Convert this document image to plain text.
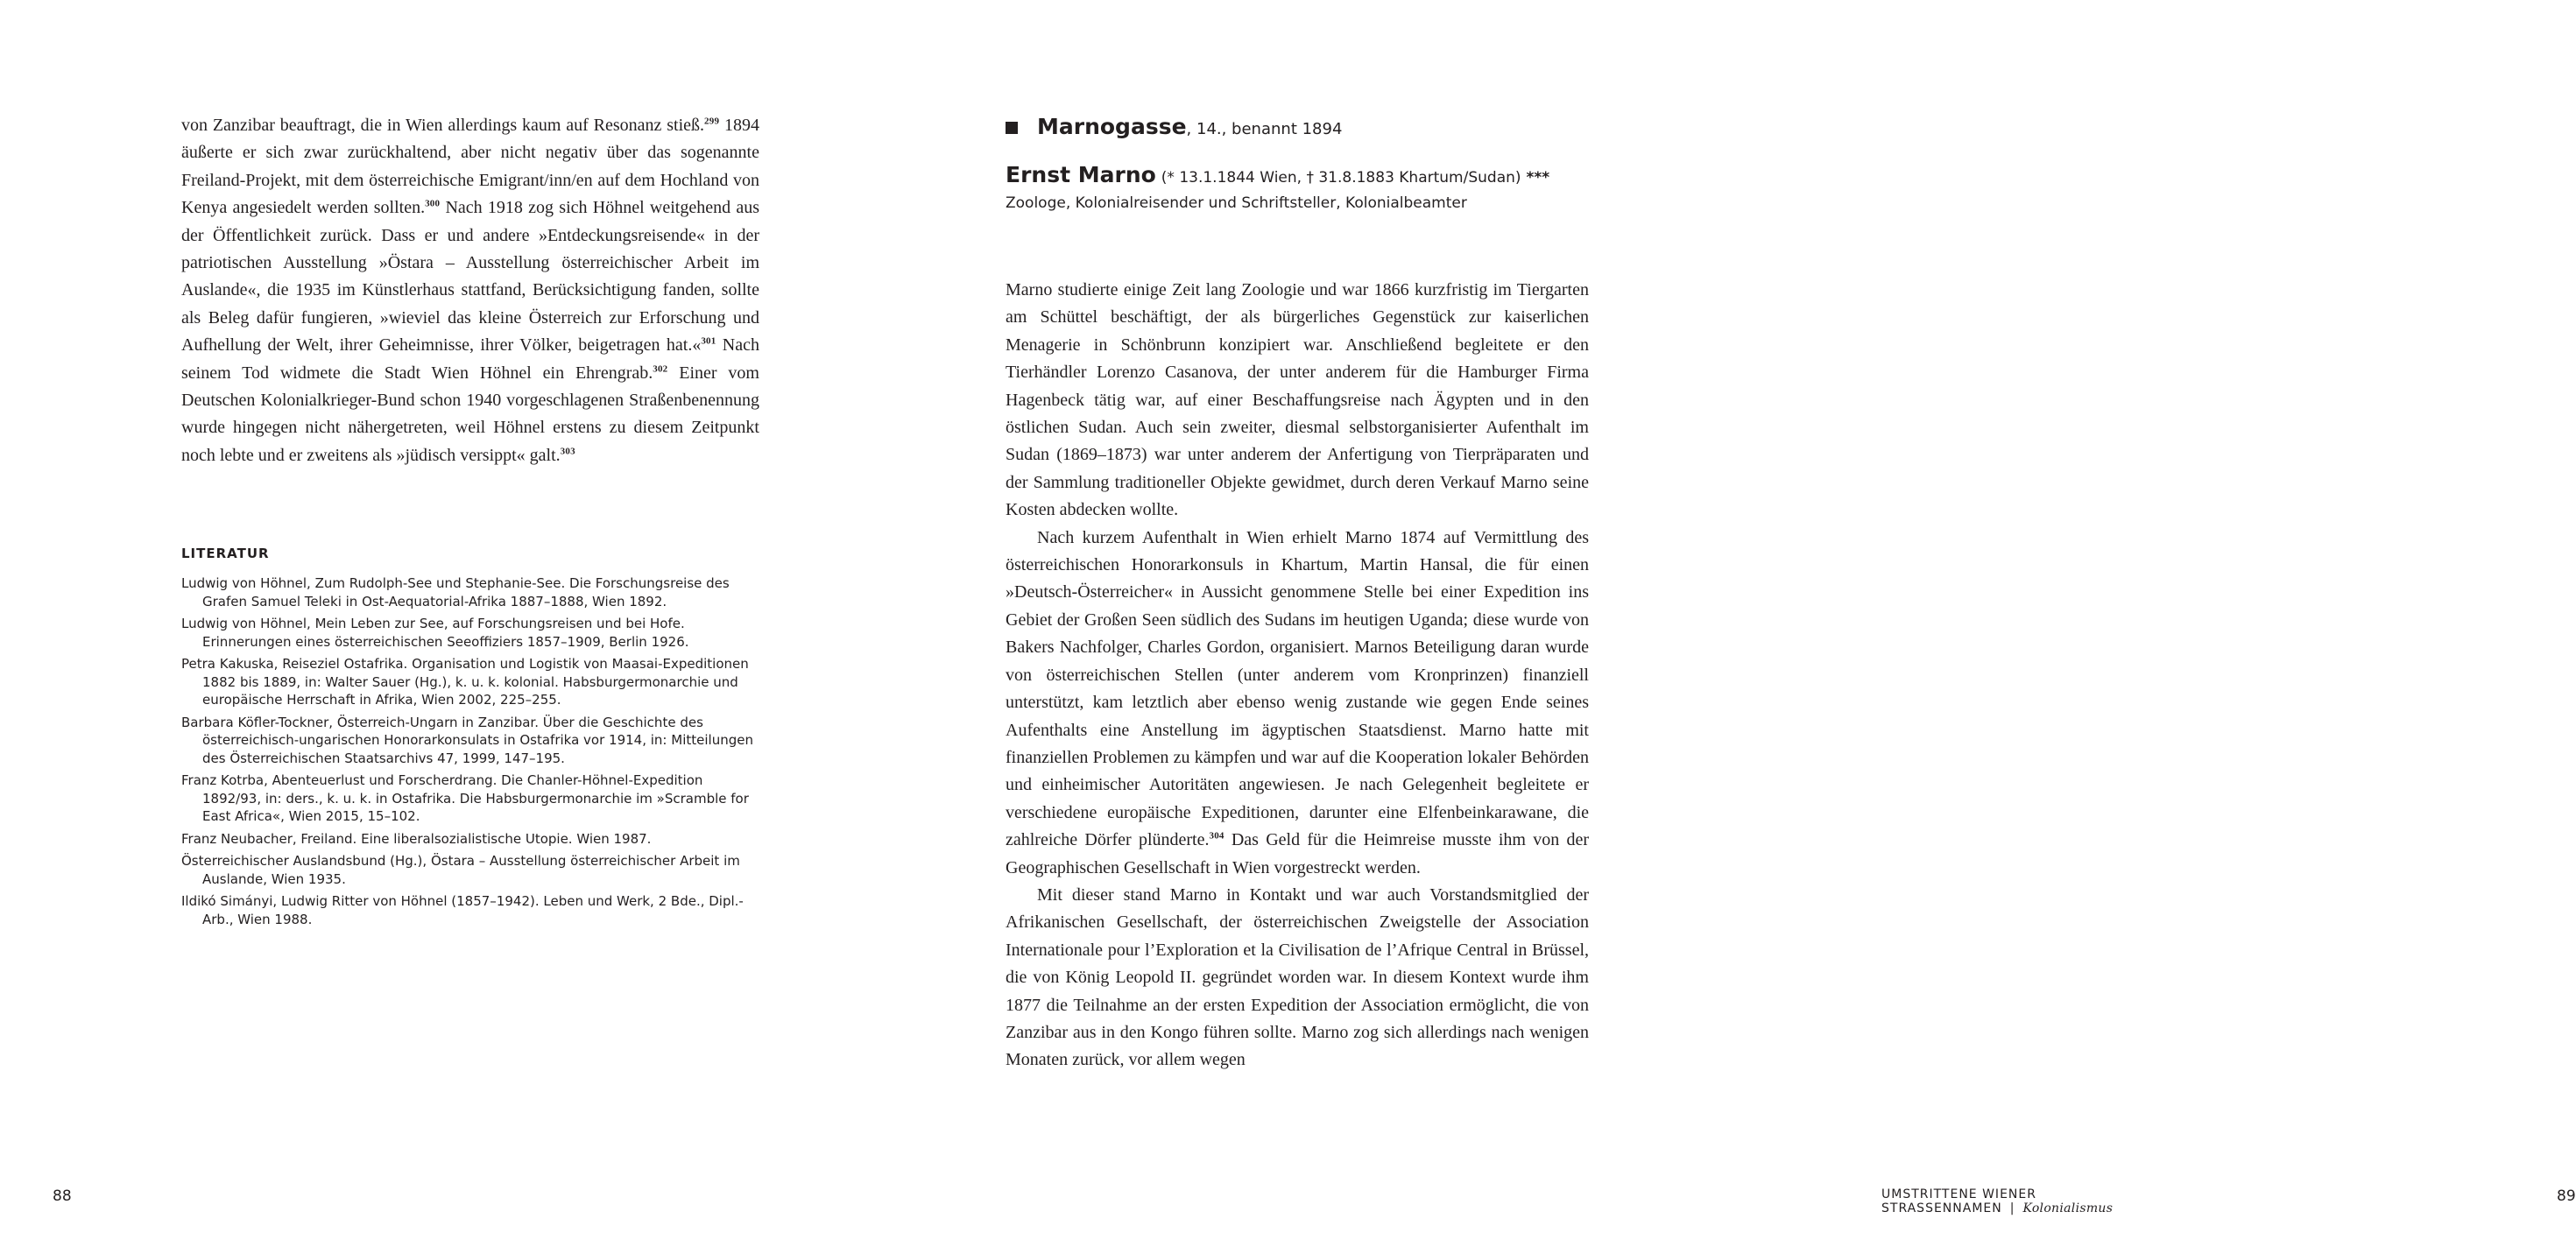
von Zanzibar beauftragt, die in Wien allerdings kaum auf Resonanz stieß.$^{299}$ 1894 äußerte er sich zwar zurückhaltend, aber nicht negativ über das sogenannte Freiland-Projekt, mit dem österreichische Emigrant/inn/en auf dem Hochland von Kenya angesiedelt werden sollten.$^{300}$ Nach 1918 zog sich Höhnel weitgehend aus der Öffentlichkeit zurück. Dass er und andere »Entdeckungsreisende« in der patriotischen Ausstellung »Östara – Ausstellung österreichischer Arbeit im Auslande«, die 1935 im Künstlerhaus stattfand, Berücksichtigung fanden, sollte als Beleg dafür fungieren, »wieviel das kleine Österreich zur Erforschung und Aufhellung der Welt, ihrer Geheimnisse, ihrer Völker, beigetragen hat.«$^{301}$ Nach seinem Tod widmete die Stadt Wien Höhnel ein Ehrengrab.$^{302}$ Einer vom Deutschen Kolonialkrieger-Bund schon 1940 vorgeschlagenen Straßenbenennung wurde hingegen nicht nähergetreten, weil Höhnel erstens zu diesem Zeitpunkt noch lebte und er zweitens als »jüdisch versippt« galt.$^{303}$

LITERATUR
Ludwig von Höhnel, Zum Rudolph-See und Stephanie-See. Die Forschungsreise des Grafen Samuel Teleki in Ost-Aequatorial-Afrika 1887–1888, Wien 1892.
Ludwig von Höhnel, Mein Leben zur See, auf Forschungsreisen und bei Hofe. Erinnerungen eines österreichischen Seeoffiziers 1857–1909, Berlin 1926.
Petra Kakuska, Reiseziel Ostafrika. Organisation und Logistik von Maasai-Expeditionen 1882 bis 1889, in: Walter Sauer (Hg.), k. u. k. kolonial. Habsburgermonarchie und europäische Herrschaft in Afrika, Wien 2002, 225–255.
Barbara Köfler-Tockner, Österreich-Ungarn in Zanzibar. Über die Geschichte des österreichisch-ungarischen Honorarkonsulats in Ostafrika vor 1914, in: Mitteilungen des Österreichischen Staatsarchivs 47, 1999, 147–195.
Franz Kotrba, Abenteuerlust und Forscherdrang. Die Chanler-Höhnel-Expedition 1892/93, in: ders., k. u. k. in Ostafrika. Die Habsburgermonarchie im »Scramble for East Africa«, Wien 2015, 15–102.
Franz Neubacher, Freiland. Eine liberalsozialistische Utopie. Wien 1987.
Österreichischer Auslandsbund (Hg.), Östara – Ausstellung österreichischer Arbeit im Auslande, Wien 1935.
Ildikó Simányi, Ludwig Ritter von Höhnel (1857–1942). Leben und Werk, 2 Bde., Dipl.-Arb., Wien 1988.
88
Marnogasse , 14., benannt 1894
Ernst Marno (* 13.1.1844 Wien, † 31.8.1883 Khartum/Sudan) ***
Zoologe, Kolonialreisender und Schriftsteller, Kolonialbeamter

Marno studierte einige Zeit lang Zoologie und war 1866 kurzfristig im Tiergarten am Schüttel beschäftigt, der als bürgerliches Gegenstück zur kaiserlichen Menagerie in Schönbrunn konzipiert war. Anschließend begleitete er den Tierhändler Lorenzo Casanova, der unter anderem für die Hamburger Firma Hagenbeck tätig war, auf einer Beschaffungsreise nach Ägypten und in den östlichen Sudan. Auch sein zweiter, diesmal selbstorganisierter Aufenthalt im Sudan (1869–1873) war unter anderem der Anfertigung von Tierpräparaten und der Sammlung traditioneller Objekte gewidmet, durch deren Verkauf Marno seine Kosten abdecken wollte.

Nach kurzem Aufenthalt in Wien erhielt Marno 1874 auf Vermittlung des österreichischen Honorarkonsuls in Khartum, Martin Hansal, die für einen »Deutsch-Österreicher« in Aussicht genommene Stelle bei einer Expedition ins Gebiet der Großen Seen südlich des Sudans im heutigen Uganda; diese wurde von Bakers Nachfolger, Charles Gordon, organisiert. Marnos Beteiligung daran wurde von österreichischen Stellen (unter anderem vom Kronprinzen) finanziell unterstützt, kam letztlich aber ebenso wenig zustande wie gegen Ende seines Aufenthalts eine Anstellung im ägyptischen Staatsdienst. Marno hatte mit finanziellen Problemen zu kämpfen und war auf die Kooperation lokaler Behörden und einheimischer Autoritäten angewiesen. Je nach Gelegenheit begleitete er verschiedene europäische Expeditionen, darunter eine Elfenbeinkarawane, die zahlreiche Dörfer plünderte.$^{304}$ Das Geld für die Heimreise musste ihm von der Geographischen Gesellschaft in Wien vorgestreckt werden.

Mit dieser stand Marno in Kontakt und war auch Vorstandsmitglied der Afrikanischen Gesellschaft, der österreichischen Zweigstelle der Association Internationale pour l’Exploration et la Civilisation de l’Afrique Central in Brüssel, die von König Leopold II. gegründet worden war. In diesem Kontext wurde ihm 1877 die Teilnahme an der ersten Expedition der Association ermöglicht, die von Zanzibar aus in den Kongo führen sollte. Marno zog sich allerdings nach wenigen Monaten zurück, vor allem wegen

UMSTRITTENE WIENER STRASSENNAMEN | Kolonialismus
89
